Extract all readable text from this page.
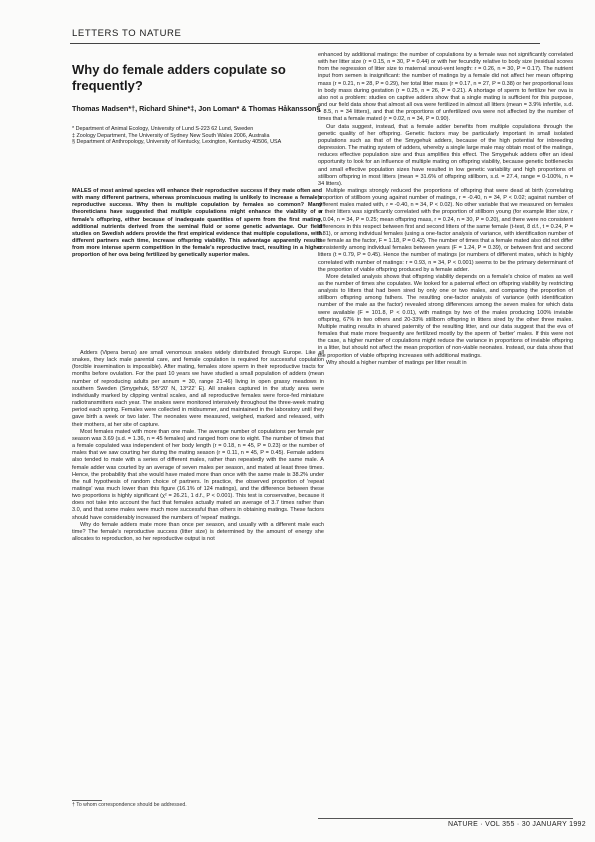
LETTERS TO NATURE
Why do female adders copulate so frequently?
Thomas Madsen*†, Richard Shine*‡, Jon Loman* & Thomas Håkansson§

* Department of Animal Ecology, University of Lund S-223 62 Lund, Sweden

‡ Zoology Department, The University of Sydney New South Wales 2006, Australia

§ Department of Anthropology, University of Kentucky, Lexington, Kentucky 40506, USA

MALES of most animal species will enhance their reproductive success if they mate often and with many different partners, whereas promiscuous mating is unlikely to increase a female's reproductive success. Why then is multiple copulation by females so common? Many theoreticians have suggested that multiple copulations might enhance the viability of a female's offspring, either because of inadequate quantities of sperm from the first mating, additional nutrients derived from the seminal fluid or some genetic advantage. Our field studies on Swedish adders provide the first empirical evidence that multiple copulations, with different partners each time, increase offspring viability. This advantage apparently results from more intense sperm competition in the female's reproductive tract, resulting in a higher proportion of her ova being fertilized by genetically superior males.

Adders (Vipera berus) are small venomous snakes widely distributed through Europe. Like all snakes, they lack male parental care, and female copulation is required for successful copulation (forcible insemination is impossible). After mating, females store sperm in their reproductive tracts for months before ovulation. For the past 10 years we have studied a small population of adders (mean number of reproducing adults per annum = 30, range 21-46) living in open grassy meadows in southern Sweden (Smygehuk, 55°20' N, 13°22' E). All snakes captured in the study area were individually marked by clipping ventral scales, and all reproductive females were force-fed miniature radiotransmitters each year. The snakes were monitored intensively throughout the three-week mating period each spring. Females were collected in midsummer, and maintained in the laboratory until they gave birth a week or two later. The neonates were measured, weighed, marked and released, with their mothers, at her site of capture.

Most females mated with more than one male. The average number of copulations per female per season was 3.69 (s.d. = 1.36, n = 45 females) and ranged from one to eight. The number of times that a female copulated was independent of her body length (r = 0.18, n = 45, P = 0.23) or the number of males that we saw courting her during the mating season (r = 0.11, n = 45, P = 0.45). Female adders also tended to mate with a series of different males, rather than repeatedly with the same male. A female adder was courted by an average of seven males per season, and mated at least three times. Hence, the probability that she would have mated more than once with the same male is 38.2% under the null hypothesis of random choice of partners. In practice, the observed proportion of 'repeat matings' was much lower than this figure (16.1% of 124 matings), and the difference between these two proportions is highly significant (χ² = 26.21, 1 d.f., P < 0.001). This test is conservative, because it does not take into account the fact that females actually mated an average of 3.7 times rather than 3.0, and that some males were much more successful than others in obtaining matings. These factors should have considerably increased the numbers of 'repeat' matings.

Why do female adders mate more than once per season, and usually with a different male each time? The female's reproductive success (litter size) is determined by the amount of energy she allocates to reproduction, so her reproductive output is not

enhanced by additional matings: the number of copulations by a female was not significantly correlated with her litter size (r = 0.15, n = 30, P = 0.44) or with her fecundity relative to body size (residual scores from the regression of litter size to maternal snout-vent length: r = 0.26, n = 30, P = 0.17). The nutrient input from semen is insignificant: the number of matings by a female did not affect her mean offspring mass (r = 0.21, n = 28, P = 0.29), her total litter mass (r = 0.17, n = 27, P = 0.38) or her proportional loss in body mass during gestation (r = 0.25, n = 26, P = 0.21). A shortage of sperm to fertilize her ova is also not a problem: studies on captive adders show that a single mating is sufficient for this purpose, and our field data show that almost all ova were fertilized in almost all litters (mean = 3.9% infertile, s.d. = 8.5, n = 34 litters), and that the proportions of unfertilized ova were not affected by the number of times that a female mated (r = 0.02, n = 34, P = 0.90).

Our data suggest, instead, that a female adder benefits from multiple copulations through the genetic quality of her offspring. Genetic factors may be particularly important in small isolated populations such as that of the Smygehuk adders, because of the high potential for inbreeding depression. The mating system of adders, whereby a single large male may obtain most of the matings, reduces effective population size and thus amplifies this effect. The Smygehuk adders offer an ideal opportunity to look for an influence of multiple mating on offspring viability, because genetic bottlenecks and small effective population sizes have resulted in low genetic variability and high proportions of stillborn offspring in most litters (mean = 31.6% of offspring stillborn, s.d. = 27.4, range = 0-100%, n = 34 litters).

Multiple matings strongly reduced the proportions of offspring that were dead at birth (correlating proportion of stillborn young against number of matings, r = -0.40, n = 34, P < 0.02; against number of different males mated with, r = -0.40, n = 34, P < 0.02). No other variable that we measured on females or their litters was significantly correlated with the proportion of stillborn young (for example litter size, r = 0.04, n = 34, P = 0.25; mean offspring mass, r = 0.24, n = 30, P = 0.20), and there were no consistent differences in this respect between first and second litters of the same female (t-test, 8 d.f., t = 0.24, P = 0.81), or among individual females (using a one-factor analysis of variance, with identification number of the female as the factor, F = 1.18, P = 0.42). The number of times that a female mated also did not differ consistently among individual females between years (F = 1.24, P = 0.39), or between first and second litters (t = 0.79, P = 0.45). Hence the number of matings (or numbers of different mates, which is highly correlated with number of matings: r = 0.93, n = 34, P < 0.001) seems to be the primary determinant of the proportion of viable offspring produced by a female adder.

More detailed analysis shows that offspring viability depends on a female's choice of mates as well as the number of times she copulates. We looked for a paternal effect on offspring viability by restricting analysis to litters that had been sired by only one or two males, and comparing the proportion of stillborn offspring among fathers. The resulting one-factor analysis of variance (with identification number of the male as the factor) revealed strong differences among the seven males for which data were available (F = 101.8, P < 0.01), with matings by two of the males producing 100% inviable offspring, 67% in two others and 20-33% stillborn offspring in litters sired by the other three males. Multiple mating results in shared paternity of the resulting litter, and our data suggest that the eva of females that mate more frequently are fertilized mostly by the sperm of 'better' males. If this were not the case, a higher number of copulations might reduce the variance in proportions of inviable offspring in a litter, but should not affect the mean proportion of non-viable neonates. Instead, our data show that the proportion of viable offspring increases with additional matings.

Why should a higher number of matings per litter result in

† To whom correspondence should be addressed.
NATURE · VOL 355 · 30 JANUARY 1992
